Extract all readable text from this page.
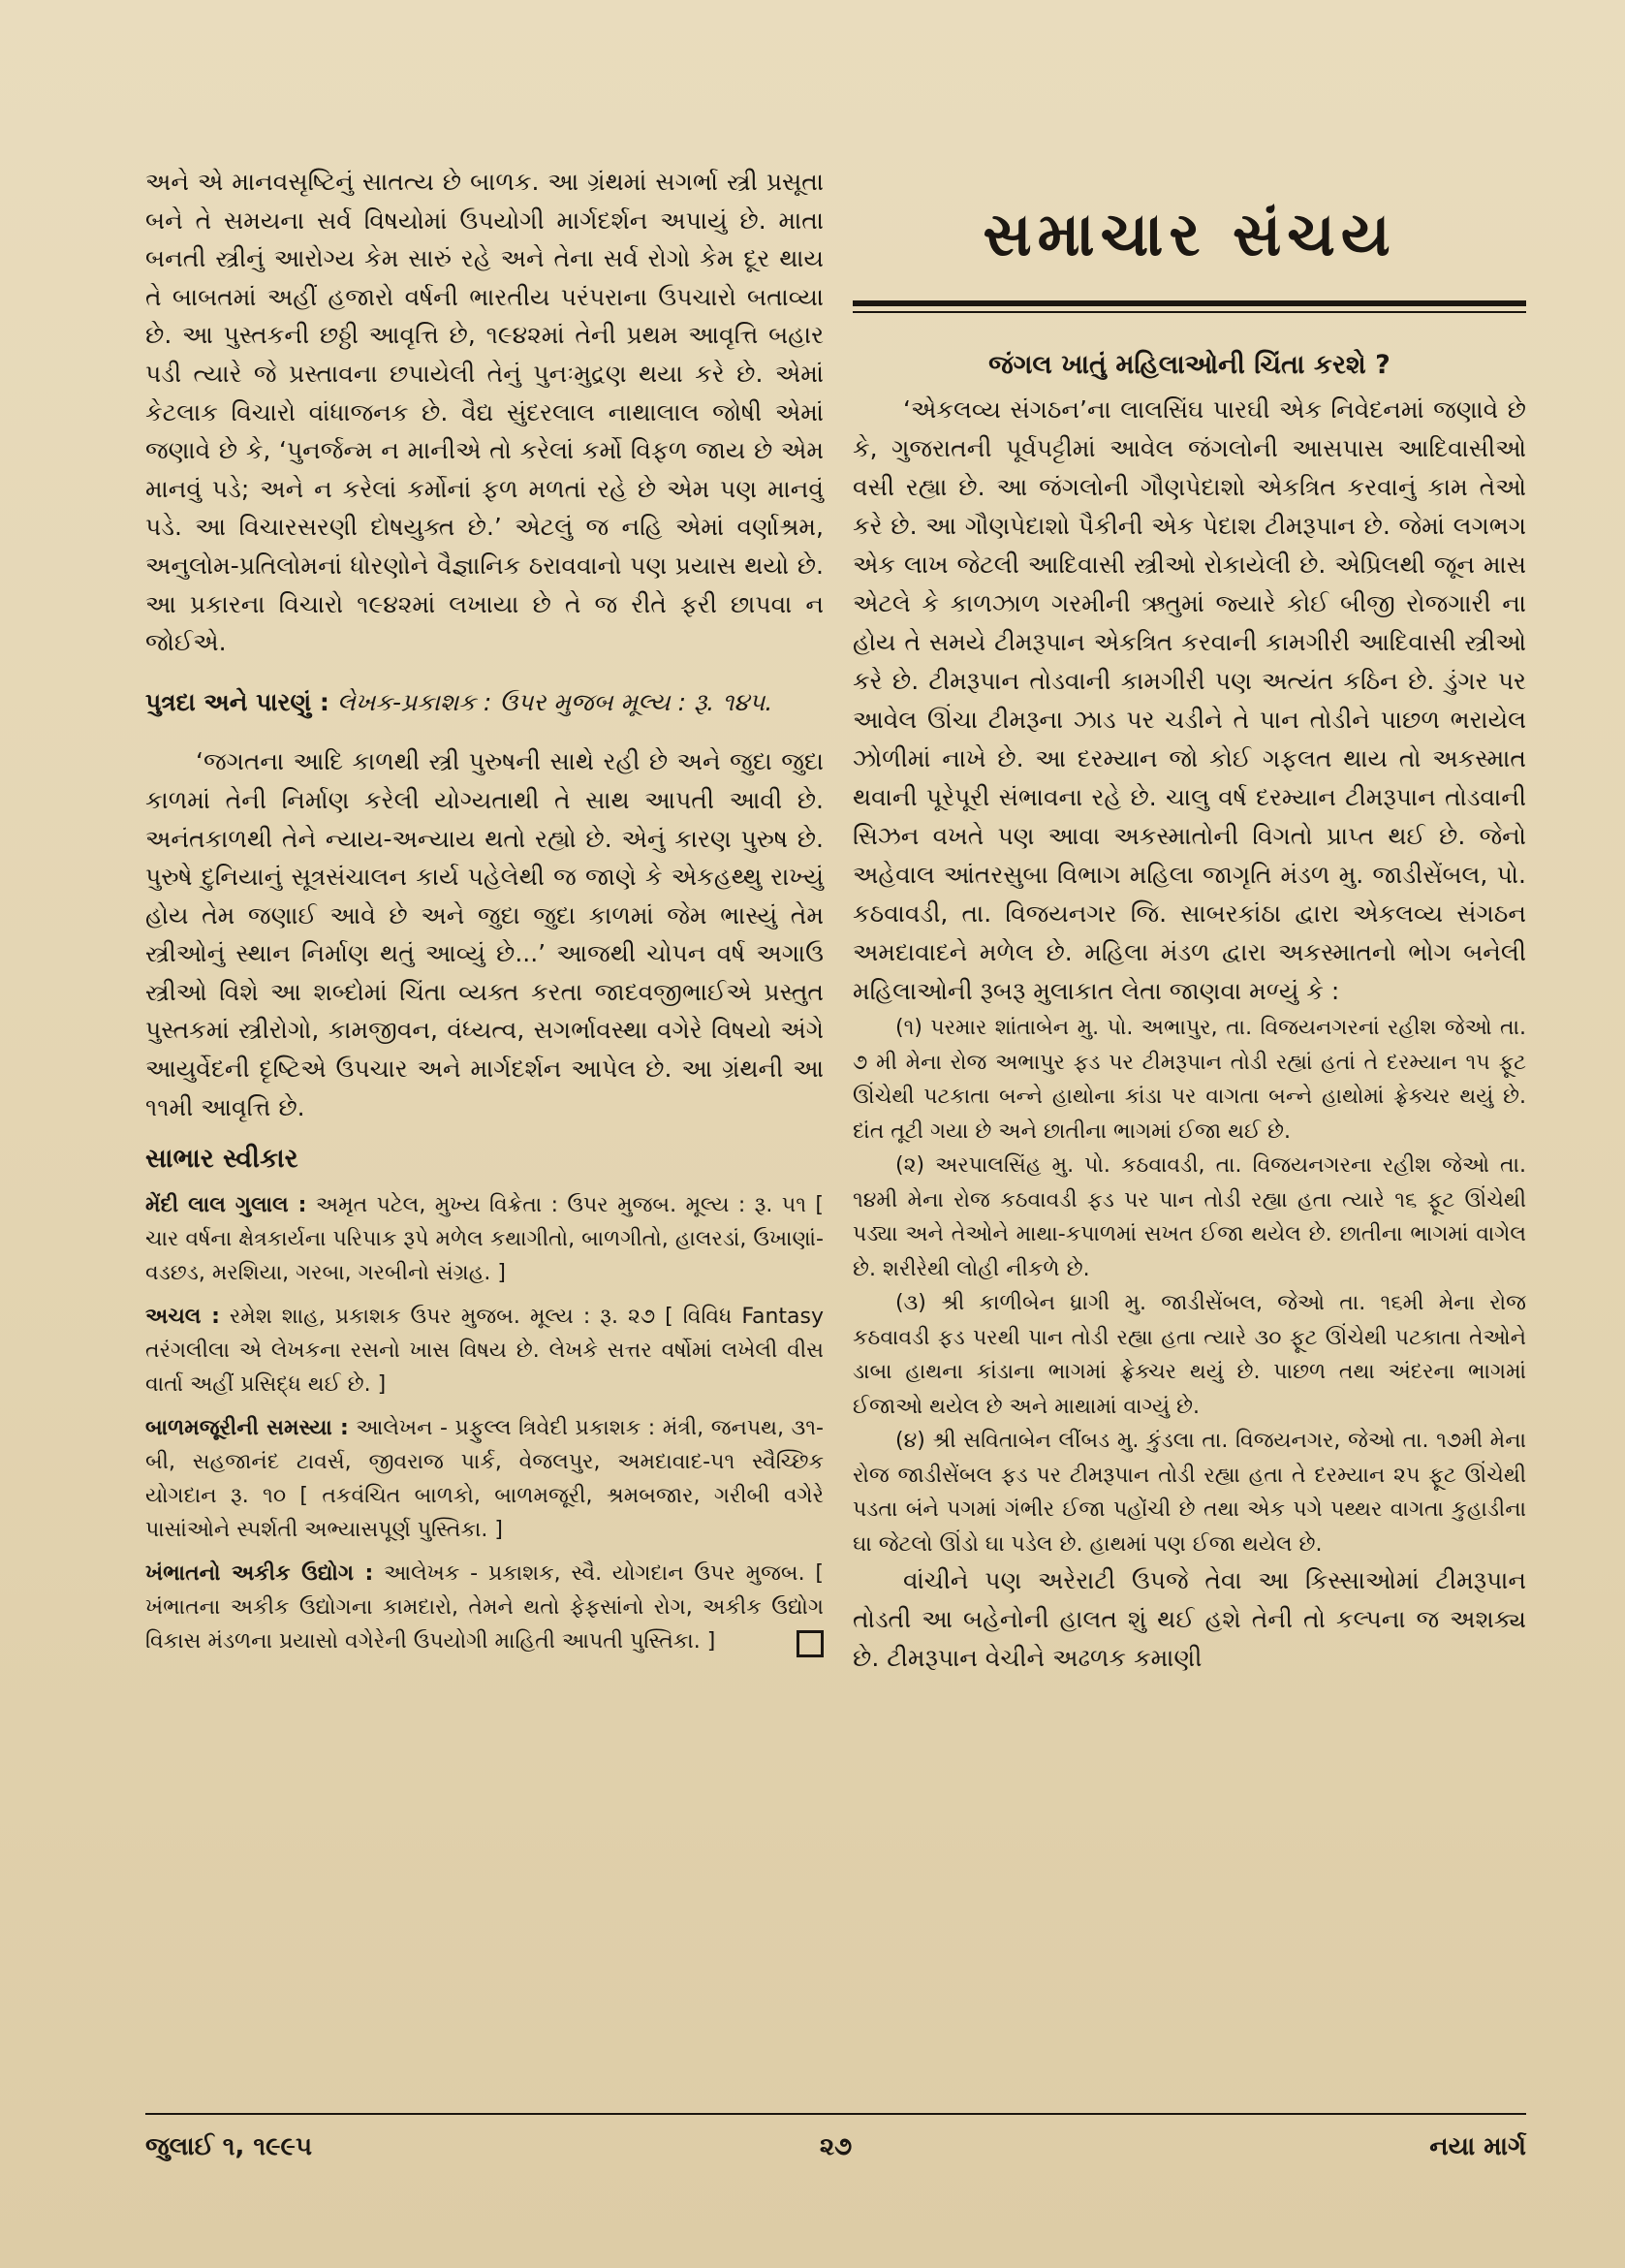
અને એ માનવસૃષ્ટિનું સાતત્ય છે બાળક. આ ગ્રંથમાં સગર્ભા સ્ત્રી પ્રસૂતા બને તે સમયના સર્વ વિષયોમાં ઉપયોગી માર્ગદર્શન અપાયું છે. માતા બનતી સ્ત્રીનું આરોગ્ય કેમ સારું રહે અને તેના સર્વ રોગો કેમ દૂર થાય તે બાબતમાં અહીં હજારો વર્ષની ભારતીય પરંપરાના ઉપચારો બતાવ્યા છે. આ પુસ્તકની છઠ્ઠી આવૃત્તિ છે, ૧૯૪૨માં તેની પ્રથમ આવૃત્તિ બહાર પડી ત્યારે જે પ્રસ્તાવના છપાયેલી તેનું પુનઃમુદ્રણ થયા કરે છે. એમાં કેટલાક વિચારો વાંધાજનક છે. વૈદ્ય સુંદરલાલ નાથાલાલ જોષી એમાં જણાવે છે કે, ‘પુનર્જન્મ ન માનીએ તો કરેલાં કર્મો વિફળ જાય છે એમ માનવું પડે; અને ન કરેલાં કર્મોનાં ફળ મળતાં રહે છે એમ પણ માનવું પડે. આ વિચારસરણી દોષયુક્ત છે.’ એટલું જ નહિ એમાં વર્ણાશ્રમ, અનુલોમ-પ્રતિલોમનાં ધોરણોને વૈજ્ઞાનિક ઠરાવવાનો પણ પ્રયાસ થયો છે. આ પ્રકારના વિચારો ૧૯૪૨માં લખાયા છે તે જ રીતે ફરી છાપવા ન જોઈએ.

પુત્રદા અને પારણું : લેખક-પ્રકાશક : ઉપર મુજબ મૂલ્ય : રૂ. ૧૪૫.

‘જગતના આદિ કાળથી સ્ત્રી પુરુષની સાથે રહી છે અને જુદા જુદા કાળમાં તેની નિર્માણ કરેલી યોગ્યતાથી તે સાથ આપતી આવી છે. અનંતકાળથી તેને ન્યાય-અન્યાય થતો રહ્યો છે. એનું કારણ પુરુષ છે. પુરુષે દુનિયાનું સૂત્રસંચાલન કાર્ય પહેલેથી જ જાણે કે એકહથ્થુ રાખ્યું હોય તેમ જણાઈ આવે છે અને જુદા જુદા કાળમાં જેમ ભાસ્યું તેમ સ્ત્રીઓનું સ્થાન નિર્માણ થતું આવ્યું છે...’ આજથી ચોપન વર્ષ અગાઉ સ્ત્રીઓ વિશે આ શબ્દોમાં ચિંતા વ્યક્ત કરતા જાદવજીભાઈએ પ્રસ્તુત પુસ્તકમાં સ્ત્રીરોગો, કામજીવન, વંધ્યત્વ, સગર્ભાવસ્થા વગેરે વિષયો અંગે આયુર્વેદની દૃષ્ટિએ ઉપચાર અને માર્ગદર્શન આપેલ છે. આ ગ્રંથની આ ૧૧મી આવૃત્તિ છે.

સાભાર સ્વીકાર

મેંદી લાલ ગુલાલ : અમૃત પટેલ, મુખ્ય વિક્રેતા : ઉપર મુજબ. મૂલ્ય : રૂ. ૫૧ [ ચાર વર્ષના ક્ષેત્રકાર્યના પરિપાક રૂપે મળેલ કથાગીતો, બાળગીતો, હાલરડાં, ઉખાણાં-વડછડ, મરશિયા, ગરબા, ગરબીનો સંગ્રહ. ]

અચલ : રમેશ શાહ, પ્રકાશક ઉપર મુજબ. મૂલ્ય : રૂ. ૨૭ [ વિવિધ Fantasy તરંગલીલા એ લેખકના રસનો ખાસ વિષય છે. લેખકે સત્તર વર્ષોમાં લખેલી વીસ વાર્તા અહીં પ્રસિદ્ધ થઈ છે. ]

બાળમજૂરીની સમસ્યા : આલેખન - પ્રફુલ્લ ત્રિવેદી પ્રકાશક : મંત્રી, જનપથ, ૩૧-બી, સહજાનંદ ટાવર્સ, જીવરાજ પાર્ક, વેજલપુર, અમદાવાદ-૫૧ સ્વૈચ્છિક યોગદાન રૂ. ૧૦ [ તકવંચિત બાળકો, બાળમજૂરી, શ્રમબજાર, ગરીબી વગેરે પાસાંઓને સ્પર્શતી અભ્યાસપૂર્ણ પુસ્તિકા. ]

ખંભાતનો અકીક ઉદ્યોગ : આલેખક - પ્રકાશક, સ્વૈ. યોગદાન ઉપર મુજબ. [ ખંભાતના અકીક ઉદ્યોગના કામદારો, તેમને થતો ફેફસાંનો રોગ, અકીક ઉદ્યોગ વિકાસ મંડળના પ્રયાસો વગેરેની ઉપયોગી માહિતી આપતી પુસ્તિકા. ]

સમાચાર સંચય

જંગલ ખાતું મહિલાઓની ચિંતા કરશે ?

‘એકલવ્ય સંગઠન’ના લાલસિંઘ પારઘી એક નિવેદનમાં જણાવે છે કે, ગુજરાતની પૂર્વપટ્ટીમાં આવેલ જંગલોની આસપાસ આદિવાસીઓ વસી રહ્યા છે. આ જંગલોની ગૌણપેદાશો એકત્રિત કરવાનું કામ તેઓ કરે છે. આ ગૌણપેદાશો પૈકીની એક પેદાશ ટીમરૂપાન છે. જેમાં લગભગ એક લાખ જેટલી આદિવાસી સ્ત્રીઓ રોકાયેલી છે. એપ્રિલથી જૂન માસ એટલે કે કાળઝાળ ગરમીની ઋતુમાં જ્યારે કોઈ બીજી રોજગારી ના હોય તે સમયે ટીમરૂપાન એકત્રિત કરવાની કામગીરી આદિવાસી સ્ત્રીઓ કરે છે. ટીમરૂપાન તોડવાની કામગીરી પણ અત્યંત કઠિન છે. ડુંગર પર આવેલ ઊંચા ટીમરૂના ઝાડ પર ચડીને તે પાન તોડીને પાછળ ભરાયેલ ઝોળીમાં નાખે છે. આ દરમ્યાન જો કોઈ ગફલત થાય તો અકસ્માત થવાની પૂરેપૂરી સંભાવના રહે છે. ચાલુ વર્ષ દરમ્યાન ટીમરૂપાન તોડવાની સિઝન વખતે પણ આવા અકસ્માતોની વિગતો પ્રાપ્ત થઈ છે. જેનો અહેવાલ આંતરસુબા વિભાગ મહિલા જાગૃતિ મંડળ મુ. જાડીસેંબલ, પો. કઠવાવડી, તા. વિજયનગર જિ. સાબરકાંઠા દ્વારા એકલવ્ય સંગઠન અમદાવાદને મળેલ છે. મહિલા મંડળ દ્વારા અકસ્માતનો ભોગ બનેલી મહિલાઓની રૂબરૂ મુલાકાત લેતા જાણવા મળ્યું કે :

(૧) પરમાર શાંતાબેન મુ. પો. અભાપુર, તા. વિજયનગરનાં રહીશ જેઓ તા. ૭ મી મેના રોજ અભાપુર ફડ પર ટીમરૂપાન તોડી રહ્યાં હતાં તે દરમ્યાન ૧૫ ફૂટ ઊંચેથી પટકાતા બન્ને હાથોના કાંડા પર વાગતા બન્ને હાથોમાં ફ્રેક્ચર થયું છે. દાંત તૂટી ગયા છે અને છાતીના ભાગમાં ઈજા થઈ છે.

(૨) અરપાલસિંહ મુ. પો. કઠવાવડી, તા. વિજયનગરના રહીશ જેઓ તા. ૧૪મી મેના રોજ કઠવાવડી ફડ પર પાન તોડી રહ્યા હતા ત્યારે ૧૬ ફૂટ ઊંચેથી પડ્યા અને તેઓને માથા-કપાળમાં સખત ઈજા થયેલ છે. છાતીના ભાગમાં વાગેલ છે. શરીરેથી લોહી નીકળે છે.

(૩) શ્રી કાળીબેન ધ્રાગી મુ. જાડીસેંબલ, જેઓ તા. ૧૬મી મેના રોજ કઠવાવડી ફડ પરથી પાન તોડી રહ્યા હતા ત્યારે ૩૦ ફૂટ ઊંચેથી પટકાતા તેઓને ડાબા હાથના કાંડાના ભાગમાં ફ્રેક્ચર થયું છે. પાછળ તથા અંદરના ભાગમાં ઈજાઓ થયેલ છે અને માથામાં વાગ્યું છે.

(૪) શ્રી સવિતાબેન લીંબડ મુ. કુંડલા તા. વિજયનગર, જેઓ તા. ૧૭મી મેના રોજ જાડીસેંબલ ફડ પર ટીમરૂપાન તોડી રહ્યા હતા તે દરમ્યાન ૨૫ ફૂટ ઊંચેથી પડતા બંને પગમાં ગંભીર ઈજા પહોંચી છે તથા એક પગે પથ્થર વાગતા કુહાડીના ઘા જેટલો ઊંડો ઘા પડેલ છે. હાથમાં પણ ઈજા થયેલ છે.

વાંચીને પણ અરેરાટી ઉપજે તેવા આ કિસ્સાઓમાં ટીમરૂપાન તોડતી આ બહેનોની હાલત શું થઈ હશે તેની તો કલ્પના જ અશક્ય છે. ટીમરૂપાન વેચીને અઢળક કમાણી

જુલાઈ ૧, ૧૯૯૫	૨૭	નયા માર્ગ
